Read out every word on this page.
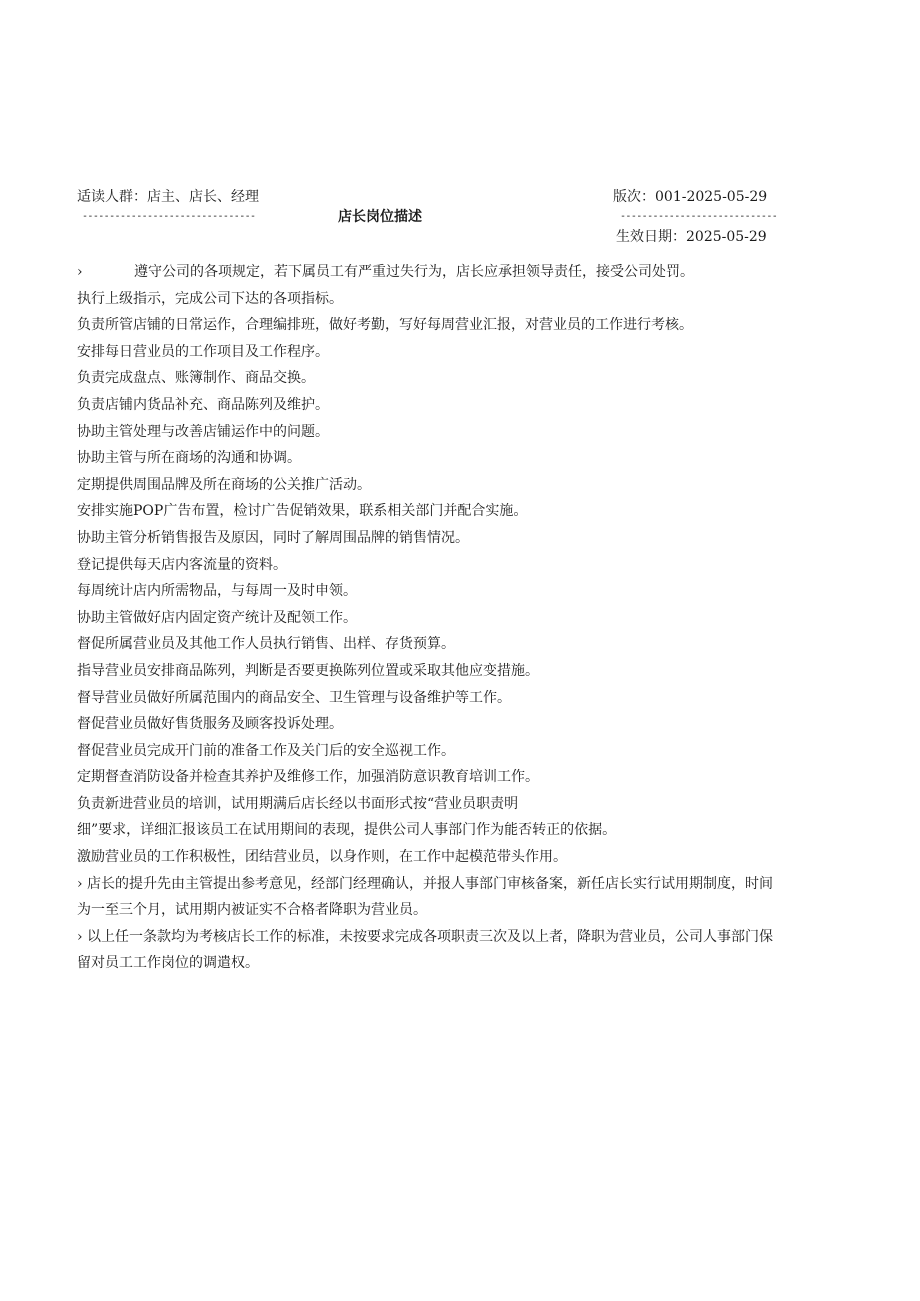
适读人群：店主、店长、经理	版次：001-2025-05-29
--------------------------------	店长岗位描述	-----------------------------
生效日期：2025-05-29
›	遵守公司的各项规定，若下属员工有严重过失行为，店长应承担领导责任，接受公司处罚。
执行上级指示，完成公司下达的各项指标。
负责所管店铺的日常运作，合理编排班，做好考勤，写好每周营业汇报，对营业员的工作进行考核。
安排每日营业员的工作项目及工作程序。
负责完成盘点、账簿制作、商品交换。
负责店铺内货品补充、商品陈列及维护。
协助主管处理与改善店铺运作中的问题。
协助主管与所在商场的沟通和协调。
定期提供周围品牌及所在商场的公关推广活动。
安排实施POP广告布置，检讨广告促销效果，联系相关部门并配合实施。
协助主管分析销售报告及原因，同时了解周围品牌的销售情况。
登记提供每天店内客流量的资料。
每周统计店内所需物品，与每周一及时申领。
协助主管做好店内固定资产统计及配领工作。
督促所属营业员及其他工作人员执行销售、出样、存货预算。
指导营业员安排商品陈列，判断是否要更换陈列位置或采取其他应变措施。
督导营业员做好所属范围内的商品安全、卫生管理与设备维护等工作。
督促营业员做好售货服务及顾客投诉处理。
督促营业员完成开门前的准备工作及关门后的安全巡视工作。
定期督查消防设备并检查其养护及维修工作，加强消防意识教育培训工作。
负责新进营业员的培训，试用期满后店长经以书面形式按“营业员职责明
细”要求，详细汇报该员工在试用期间的表现，提供公司人事部门作为能否转正的依据。
激励营业员的工作积极性，团结营业员，以身作则，在工作中起模范带头作用。
› 店长的提升先由主管提出参考意见，经部门经理确认，并报人事部门审核备案，新任店长实行试用期制度，时间
为一至三个月，试用期内被证实不合格者降职为营业员。
› 以上任一条款均为考核店长工作的标准，未按要求完成各项职责三次及以上者，降职为营业员，公司人事部门保
留对员工工作岗位的调遣权。
